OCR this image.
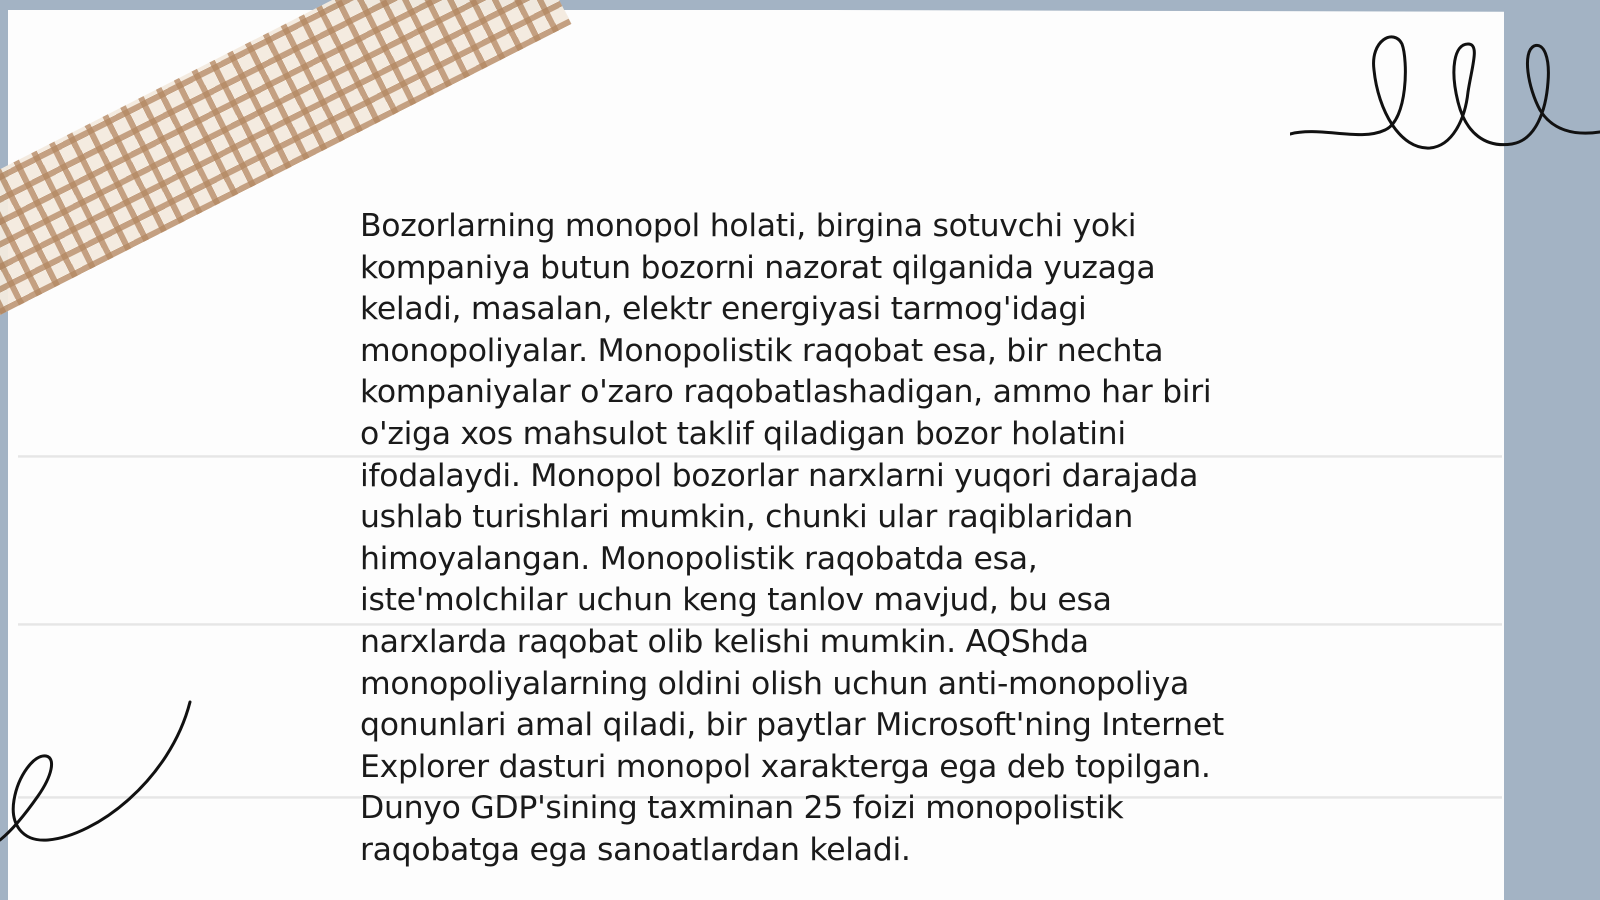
Bozorlarning monopol holati, birgina sotuvchi yoki kompaniya butun bozorni nazorat qilganida yuzaga keladi, masalan, elektr energiyasi tarmog'idagi monopoliyalar. Monopolistik raqobat esa, bir nechta kompaniyalar o'zaro raqobatlashadigan, ammo har biri o'ziga xos mahsulot taklif qiladigan bozor holatini ifodalaydi. Monopol bozorlar narxlarni yuqori darajada ushlab turishlari mumkin, chunki ular raqiblaridan himoyalangan. Monopolistik raqobatda esa, iste'molchilar uchun keng tanlov mavjud, bu esa narxlarda raqobat olib kelishi mumkin. AQShda monopoliyalarning oldini olish uchun anti-monopoliya qonunlari amal qiladi, bir paytlar Microsoft'ning Internet Explorer dasturi monopol xarakterga ega deb topilgan. Dunyo GDP'sining taxminan 25 foizi monopolistik raqobatga ega sanoatlardan keladi.
